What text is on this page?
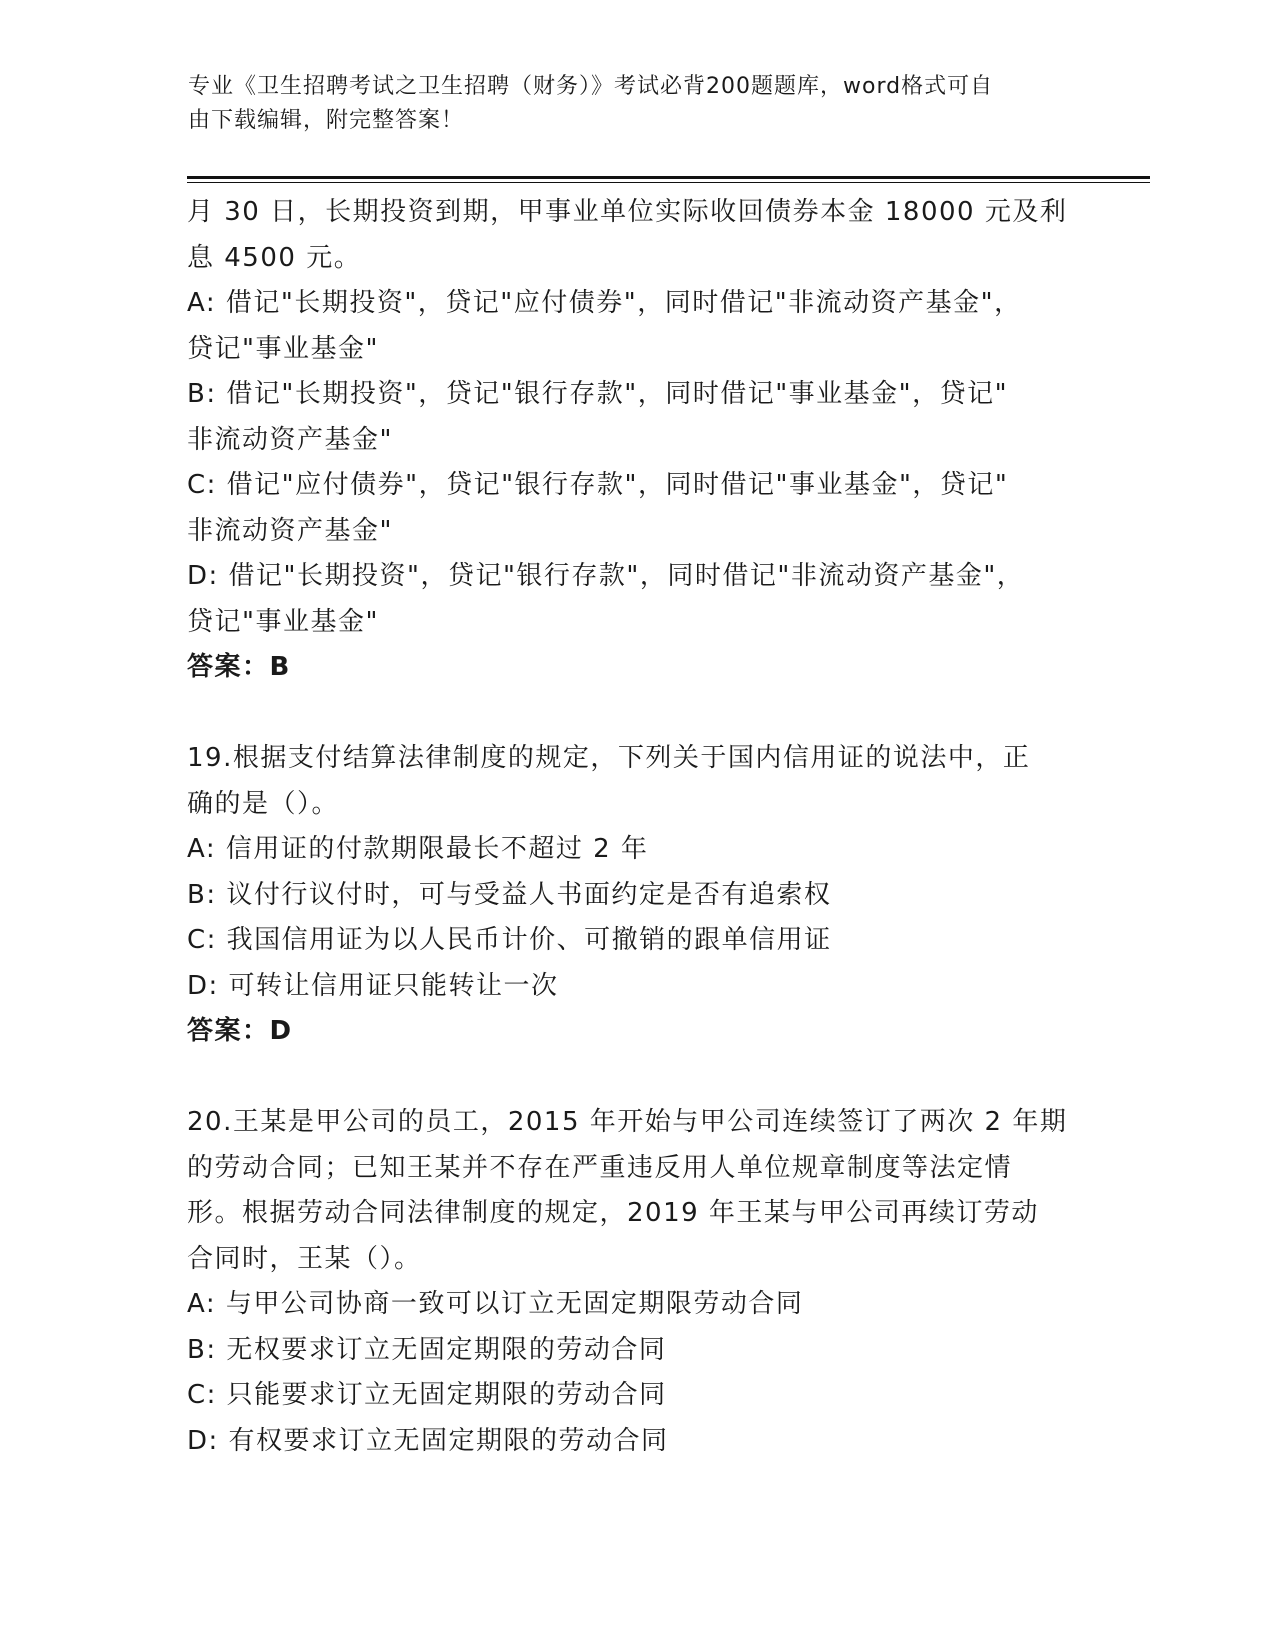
专业《卫生招聘考试之卫生招聘（财务）》考试必背200题题库，word格式可自
由下载编辑，附完整答案！
月 30 日，长期投资到期，甲事业单位实际收回债券本金 18000 元及利
息 4500 元。
A: 借记"长期投资"，贷记"应付债券"，同时借记"非流动资产基金"，
贷记"事业基金"
B: 借记"长期投资"，贷记"银行存款"，同时借记"事业基金"，贷记"
非流动资产基金"
C: 借记"应付债券"，贷记"银行存款"，同时借记"事业基金"，贷记"
非流动资产基金"
D: 借记"长期投资"，贷记"银行存款"，同时借记"非流动资产基金"，
贷记"事业基金"
答案：B
19.根据支付结算法律制度的规定，下列关于国内信用证的说法中，正
确的是（）。
A: 信用证的付款期限最长不超过 2 年
B: 议付行议付时，可与受益人书面约定是否有追索权
C: 我国信用证为以人民币计价、可撤销的跟单信用证
D: 可转让信用证只能转让一次
答案：D
20.王某是甲公司的员工，2015 年开始与甲公司连续签订了两次 2 年期
的劳动合同；已知王某并不存在严重违反用人单位规章制度等法定情
形。根据劳动合同法律制度的规定，2019 年王某与甲公司再续订劳动
合同时，王某（）。
A: 与甲公司协商一致可以订立无固定期限劳动合同
B: 无权要求订立无固定期限的劳动合同
C: 只能要求订立无固定期限的劳动合同
D: 有权要求订立无固定期限的劳动合同
